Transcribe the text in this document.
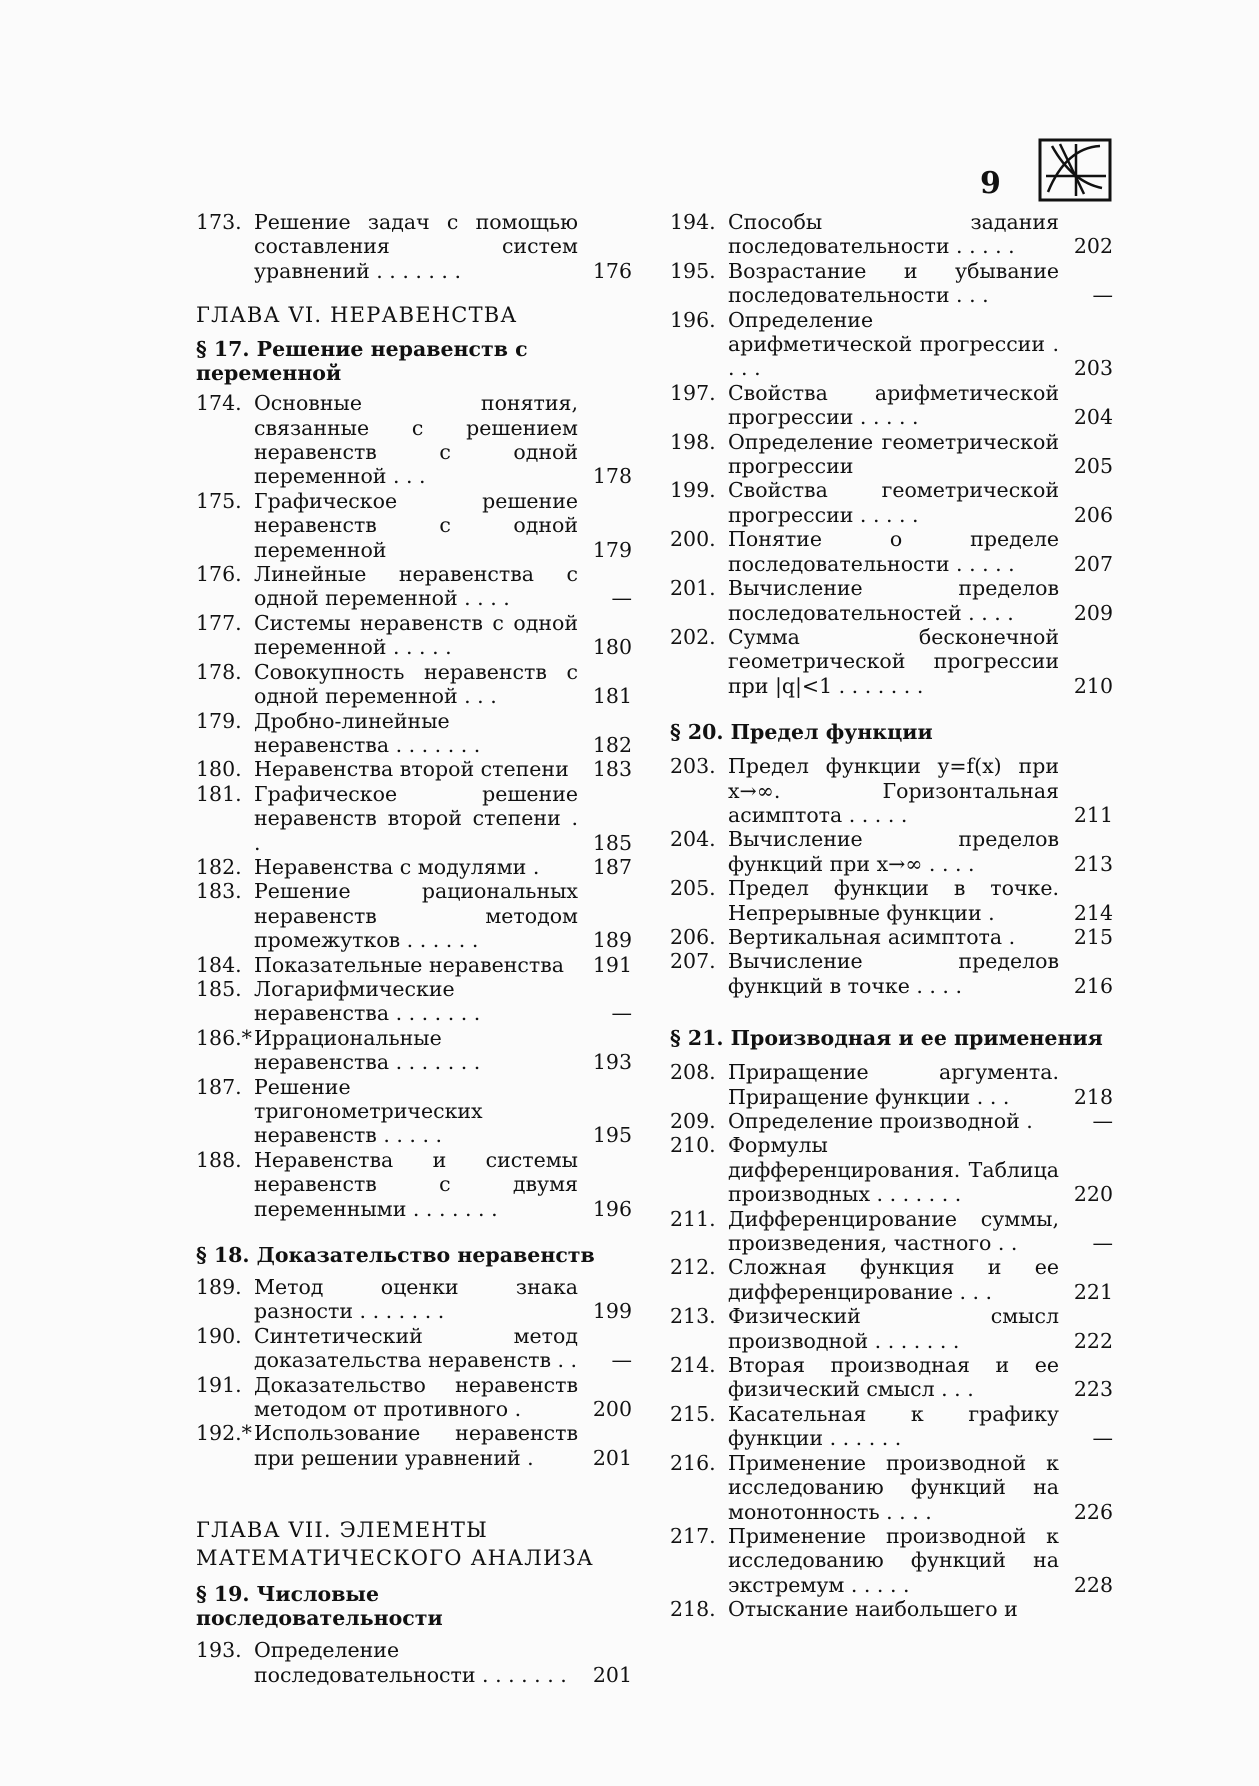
9
173. Решение задач с помощью составления систем уравнений . . . . . . .	176
ГЛАВА VI. НЕРАВЕНСТВА
§ 17. Решение неравенств с переменной
174. Основные понятия, связанные с решением неравенств с одной переменной . . .	178
175. Графическое решение неравенств с одной переменной	179
176. Линейные неравенства с одной переменной . . . .	—
177. Системы неравенств с одной переменной . . . . .	180
178. Совокупность неравенств с одной переменной . . .	181
179. Дробно-линейные неравенства . . . . . . .	182
180. Неравенства второй степени	183
181. Графическое решение неравенств второй степени . .	185
182. Неравенства с модулями .	187
183. Решение рациональных неравенств методом промежутков . . . . . .	189
184. Показательные неравенства	191
185. Логарифмические неравенства . . . . . . .	—
186.* Иррациональные неравенства . . . . . . .	193
187. Решение тригонометрических неравенств . . . . .	195
188. Неравенства и системы неравенств с двумя переменными . . . . . . .	196
§ 18. Доказательство неравенств
189. Метод оценки знака разности . . . . . . .	199
190. Синтетический метод доказательства неравенств . .	—
191. Доказательство неравенств методом от противного .	200
192.* Использование неравенств при решении уравнений .	201
ГЛАВА VII. ЭЛЕМЕНТЫ МАТЕМАТИЧЕСКОГО АНАЛИЗА
§ 19. Числовые последовательности
193. Определение последовательности . . . . . . .	201
194. Способы задания последовательности . . . . .	202
195. Возрастание и убывание последовательности . . .	—
196. Определение арифметической прогрессии . . . .	203
197. Свойства арифметической прогрессии . . . . .	204
198. Определение геометрической прогрессии	205
199. Свойства геометрической прогрессии . . . . .	206
200. Понятие о пределе последовательности . . . . .	207
201. Вычисление пределов последовательностей . . . .	209
202. Сумма бесконечной геометрической прогрессии при |q|<1 . . . . . . .	210
§ 20. Предел функции
203. Предел функции y=f(x) при x→∞. Горизонтальная асимптота . . . . .	211
204. Вычисление пределов функций при x→∞ . . . .	213
205. Предел функции в точке. Непрерывные функции .	214
206. Вертикальная асимптота .	215
207. Вычисление пределов функций в точке . . . .	216
§ 21. Производная и ее применения
208. Приращение аргумента. Приращение функции . . .	218
209. Определение производной .	—
210. Формулы дифференцирования. Таблица производных . . . . . . .	220
211. Дифференцирование суммы, произведения, частного . .	—
212. Сложная функция и ее дифференцирование . . .	221
213. Физический смысл производной . . . . . . .	222
214. Вторая производная и ее физический смысл . . .	223
215. Касательная к графику функции . . . . . .	—
216. Применение производной к исследованию функций на монотонность . . . .	226
217. Применение производной к исследованию функций на экстремум . . . . .	228
218. Отыскание наибольшего и
